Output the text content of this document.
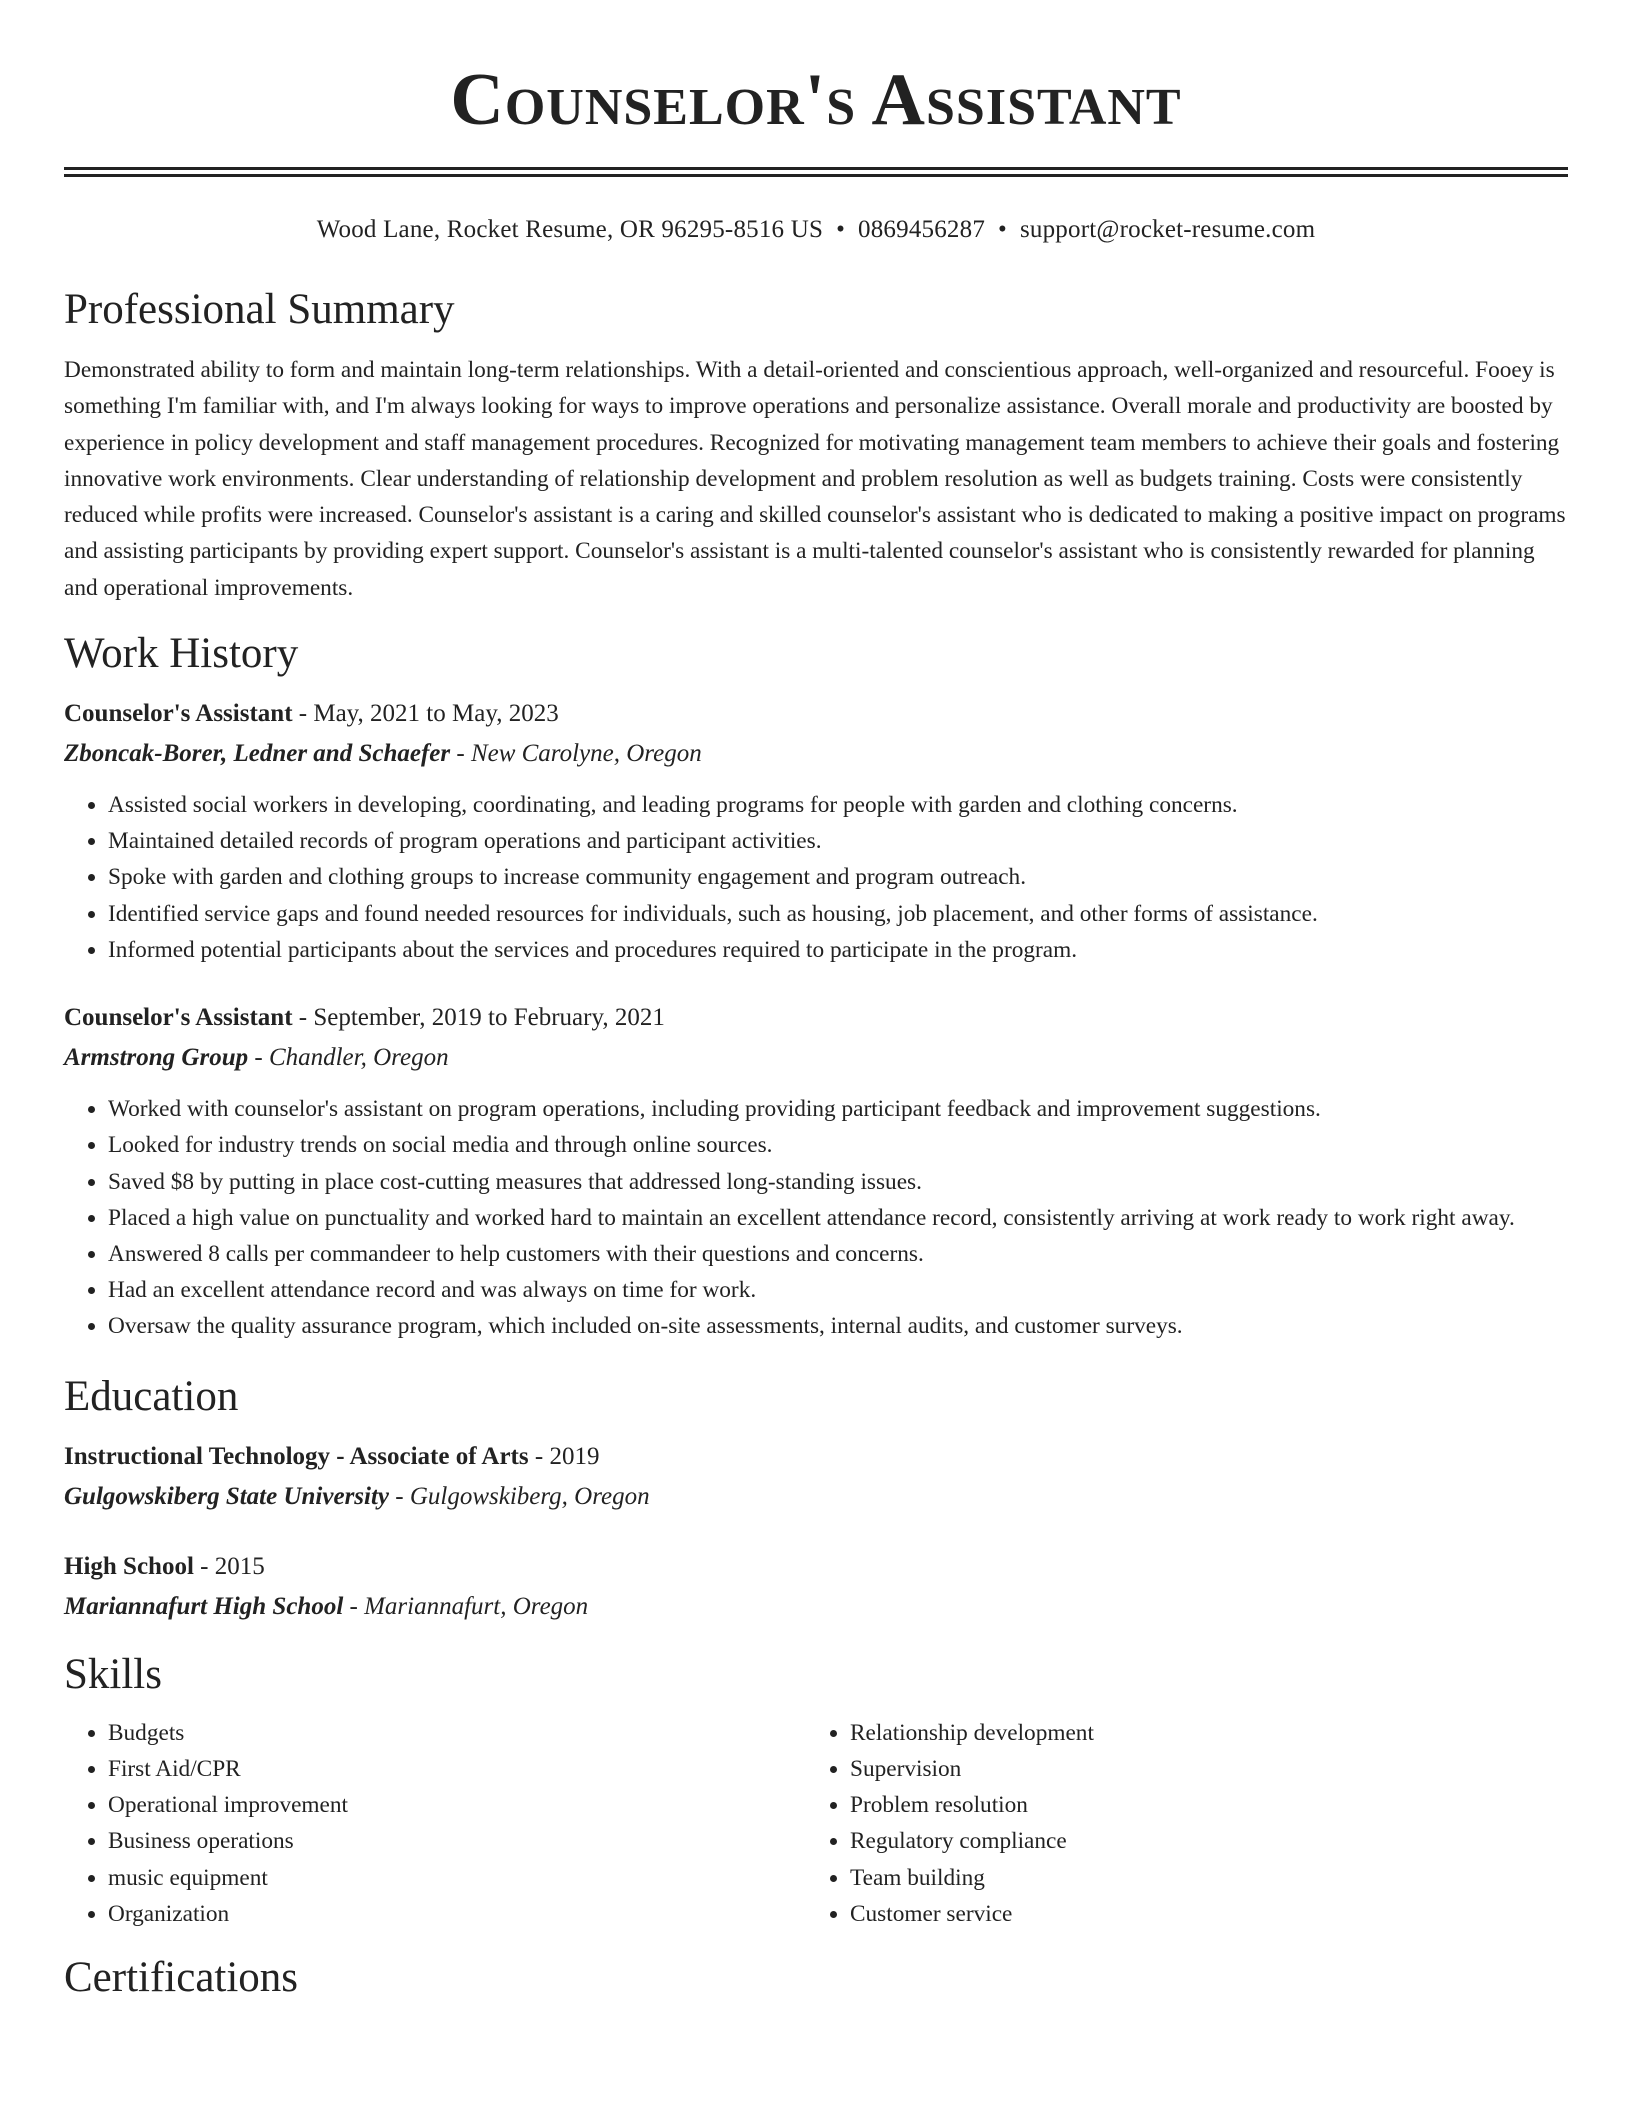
Counselor's Assistant
Wood Lane, Rocket Resume, OR 96295-8516 US • 0869456287 • support@rocket-resume.com
Professional Summary
Demonstrated ability to form and maintain long-term relationships. With a detail-oriented and conscientious approach, well-organized and resourceful. Fooey is something I'm familiar with, and I'm always looking for ways to improve operations and personalize assistance. Overall morale and productivity are boosted by experience in policy development and staff management procedures. Recognized for motivating management team members to achieve their goals and fostering innovative work environments. Clear understanding of relationship development and problem resolution as well as budgets training. Costs were consistently reduced while profits were increased. Counselor's assistant is a caring and skilled counselor's assistant who is dedicated to making a positive impact on programs and assisting participants by providing expert support. Counselor's assistant is a multi-talented counselor's assistant who is consistently rewarded for planning and operational improvements.
Work History
Counselor's Assistant - May, 2021 to May, 2023
Zboncak-Borer, Ledner and Schaefer - New Carolyne, Oregon
• Assisted social workers in developing, coordinating, and leading programs for people with garden and clothing concerns.
• Maintained detailed records of program operations and participant activities.
• Spoke with garden and clothing groups to increase community engagement and program outreach.
• Identified service gaps and found needed resources for individuals, such as housing, job placement, and other forms of assistance.
• Informed potential participants about the services and procedures required to participate in the program.
Counselor's Assistant - September, 2019 to February, 2021
Armstrong Group - Chandler, Oregon
• Worked with counselor's assistant on program operations, including providing participant feedback and improvement suggestions.
• Looked for industry trends on social media and through online sources.
• Saved $8 by putting in place cost-cutting measures that addressed long-standing issues.
• Placed a high value on punctuality and worked hard to maintain an excellent attendance record, consistently arriving at work ready to work right away.
• Answered 8 calls per commandeer to help customers with their questions and concerns.
• Had an excellent attendance record and was always on time for work.
• Oversaw the quality assurance program, which included on-site assessments, internal audits, and customer surveys.
Education
Instructional Technology - Associate of Arts - 2019
Gulgowskiberg State University - Gulgowskiberg, Oregon
High School - 2015
Mariannafurt High School - Mariannafurt, Oregon
Skills
• Budgets
• First Aid/CPR
• Operational improvement
• Business operations
• music equipment
• Organization
• Relationship development
• Supervision
• Problem resolution
• Regulatory compliance
• Team building
• Customer service
Certifications
